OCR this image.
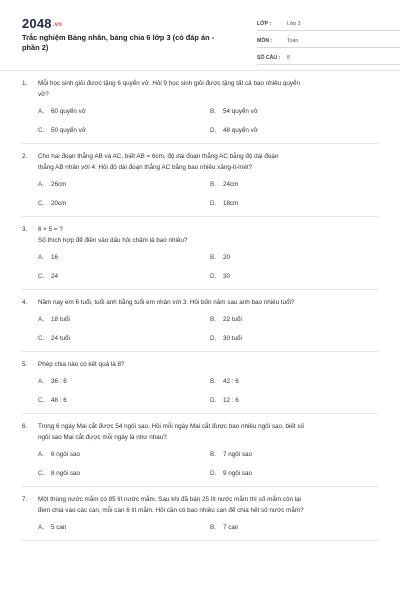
2048.vn
Trắc nghiệm Bảng nhân, bảng chia 6 lớp 3 (có đáp án - phần 2)
LỚP :	Lớp 3
MÔN :	Toán
SỐ CÂU :	8
1.	Mỗi học sinh giỏi được tặng 6 quyển vở. Hỏi 9 học sinh giỏi được tặng tất cả bao nhiêu quyển
vở?
A.	60 quyển vở	B.	54 quyển vở
C.	50 quyển vở	D.	48 quyển vở
2.	Cho hai đoạn thẳng AB và AC, biết AB = 6cm, độ dài đoạn thẳng AC bằng độ dài đoạn
thẳng AB nhân với 4. Hỏi độ dài đoạn thẳng AC bằng bao nhiêu xăng-ti-mét?
A.	26cm	B.	24cm
C.	20cm	D.	18cm
3.	6 × 5 = ?
Số thích hợp để điền vào dấu hỏi chấm là bao nhiêu?
A.	16	B.	20
C.	24	D.	30
4.	Năm nay em 6 tuổi, tuổi anh bằng tuổi em nhân với 3. Hỏi bốn năm sau anh bao nhiêu tuổi?
A.	18 tuổi	B.	22 tuổi
C.	24 tuổi	D.	30 tuổi
5.	Phép chia nào có kết quả là 8?
A.	36 : 6	B.	42 : 6
C.	48 : 6	D.	12 : 6
6.	Trong 6 ngày Mai cắt được 54 ngôi sao. Hỏi mỗi ngày Mai cắt được bao nhiêu ngôi sao, biết số
ngôi sao Mai cắt được mỗi ngày là như nhau?
A.	6 ngôi sao	B.	7 ngôi sao
C.	8 ngôi sao	D.	9 ngôi sao
7.	Một thùng nước mắm có 85 lít nước mắm. Sau khi đã bán 25 lít nước mắm thì số mắm còn lại
đem chia vào các can, mỗi can 6 lít mắm. Hỏi cần có bao nhiêu can để chia hết số nước mắm?
A.	5 can	B.	7 can
